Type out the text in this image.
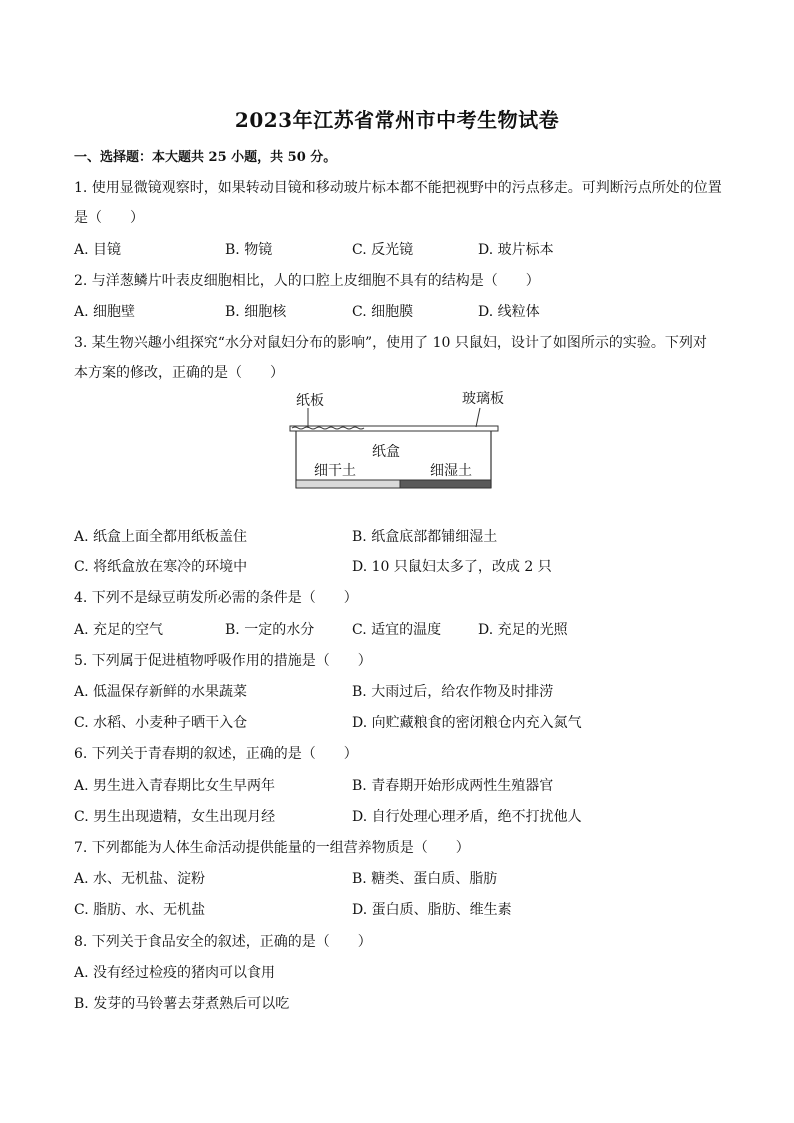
2023年江苏省常州市中考生物试卷
一、选择题：本大题共 25 小题，共 50 分。
1. 使用显微镜观察时，如果转动目镜和移动玻片标本都不能把视野中的污点移走。可判断污点所处的位置
是（　　）
A. 目镜	B. 物镜	C. 反光镜	D. 玻片标本
2. 与洋葱鳞片叶表皮细胞相比，人的口腔上皮细胞不具有的结构是（　　）
A. 细胞壁	B. 细胞核	C. 细胞膜	D. 线粒体
3. 某生物兴趣小组探究“水分对鼠妇分布的影响”，使用了 10 只鼠妇，设计了如图所示的实验。下列对
本方案的修改，正确的是（　　）
纸板	玻璃板
纸盒
细干土	细湿土
A. 纸盒上面全都用纸板盖住	B. 纸盒底部都铺细湿土
C. 将纸盒放在寒冷的环境中	D. 10 只鼠妇太多了，改成 2 只
4. 下列不是绿豆萌发所必需的条件是（　　）
A. 充足的空气	B. 一定的水分	C. 适宜的温度	D. 充足的光照
5. 下列属于促进植物呼吸作用的措施是（　　）
A. 低温保存新鲜的水果蔬菜	B. 大雨过后，给农作物及时排涝
C. 水稻、小麦种子晒干入仓	D. 向贮藏粮食的密闭粮仓内充入氮气
6. 下列关于青春期的叙述，正确的是（　　）
A. 男生进入青春期比女生早两年	B. 青春期开始形成两性生殖器官
C. 男生出现遗精，女生出现月经	D. 自行处理心理矛盾，绝不打扰他人
7. 下列都能为人体生命活动提供能量的一组营养物质是（　　）
A. 水、无机盐、淀粉	B. 糖类、蛋白质、脂肪
C. 脂肪、水、无机盐	D. 蛋白质、脂肪、维生素
8. 下列关于食品安全的叙述，正确的是（　　）
A. 没有经过检疫的猪肉可以食用
B. 发芽的马铃薯去芽煮熟后可以吃
